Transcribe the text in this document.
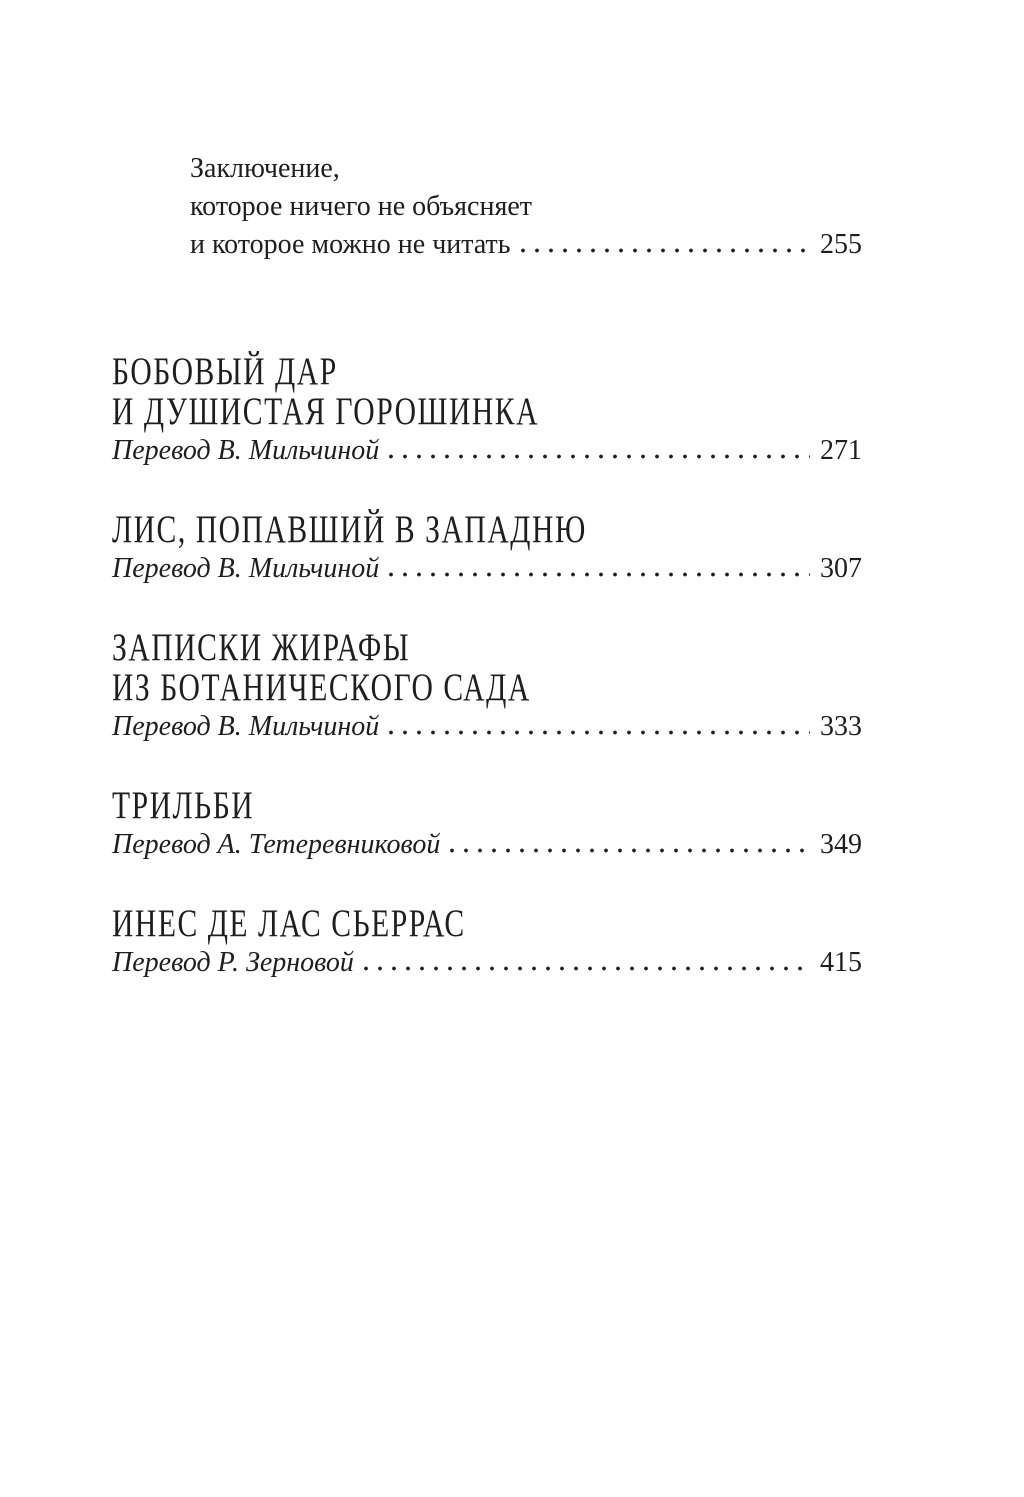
Заключение,
которое ничего не объясняет
и которое можно не читать	255
БОБОВЫЙ ДАР
И ДУШИСТАЯ ГОРОШИНКА
Перевод В. Мильчиной	271
ЛИС, ПОПАВШИЙ В ЗАПАДНЮ
Перевод В. Мильчиной	307
ЗАПИСКИ ЖИРАФЫ
ИЗ БОТАНИЧЕСКОГО САДА
Перевод В. Мильчиной	333
ТРИЛЬБИ
Перевод А. Тетеревниковой	349
ИНЕС ДЕ ЛАС СЬЕРРАС
Перевод Р. Зерновой	415
